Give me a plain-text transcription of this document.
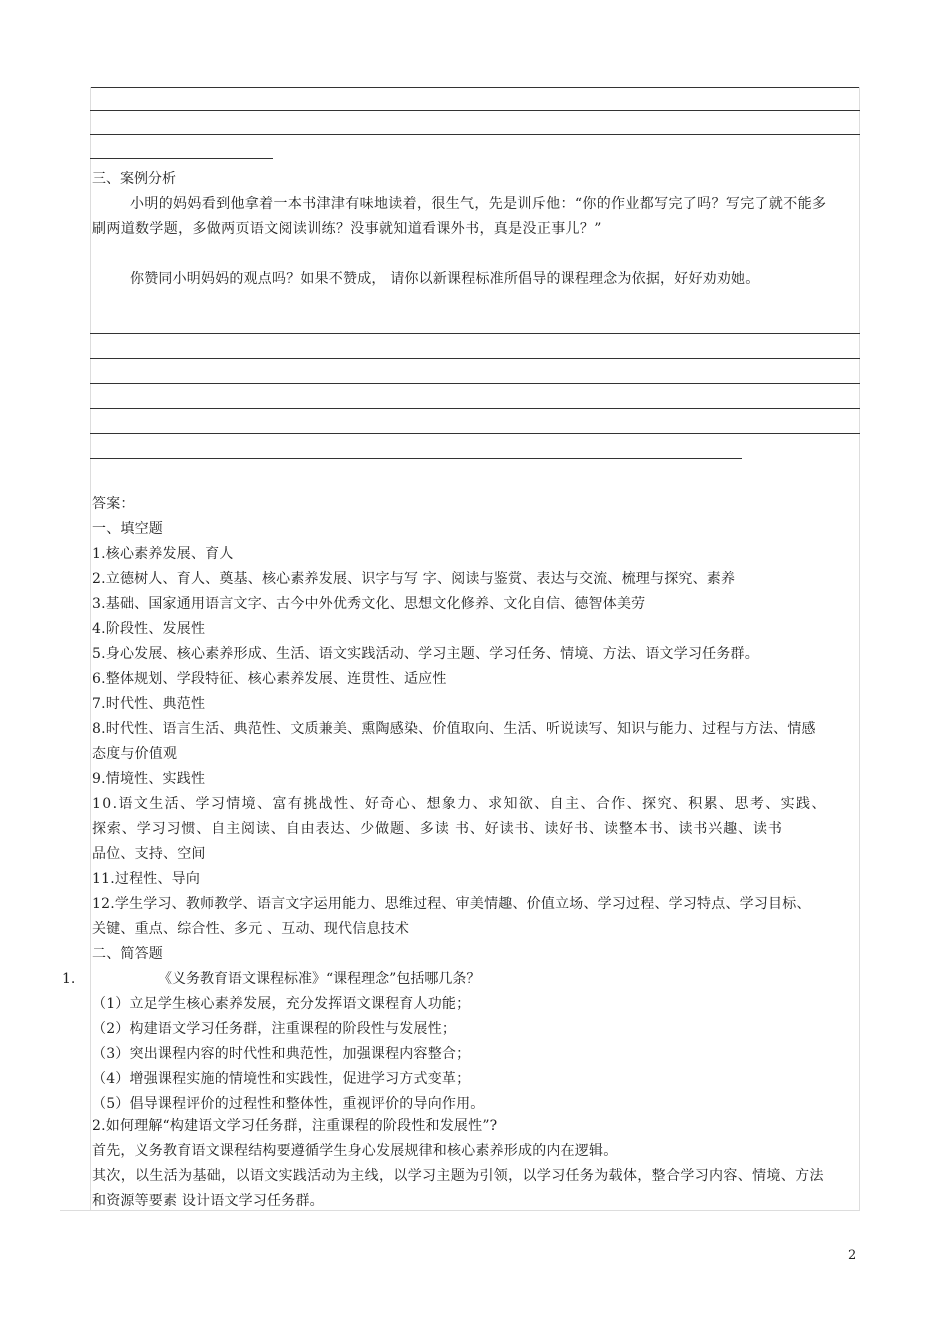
三、案例分析
小明的妈妈看到他拿着一本书津津有味地读着，很生气，先是训斥他：“你的作业都写完了吗？写完了就不能多
刷两道数学题，多做两页语文阅读训练？没事就知道看课外书，真是没正事儿？”
你赞同小明妈妈的观点吗？如果不赞成， 请你以新课程标准所倡导的课程理念为依据，好好劝劝她。
答案：
一、填空题
1.核心素养发展、育人
2.立德树人、育人、奠基、核心素养发展、识字与写 字、阅读与鉴赏、表达与交流、梳理与探究、素养
3.基础、国家通用语言文字、古今中外优秀文化、思想文化修养、文化自信、德智体美劳
4.阶段性、发展性
5.身心发展、核心素养形成、生活、语文实践活动、学习主题、学习任务、情境、方法、语文学习任务群。
6.整体规划、学段特征、核心素养发展、连贯性、适应性
7.时代性、典范性
8.时代性、语言生活、典范性、文质兼美、熏陶感染、价值取向、生活、听说读写、知识与能力、过程与方法、情感
态度与价值观
9.情境性、实践性
10.语文生活、学习情境、富有挑战性、好奇心、想象力、求知欲、自主、合作、探究、积累、思考、实践、
探索、学习习惯、自主阅读、自由表达、少做题、多读 书、好读书、读好书、读整本书、读书兴趣、读书
品位、支持、空间
11.过程性、导向
12.学生学习、教师教学、语言文字运用能力、思维过程、审美情趣、价值立场、学习过程、学习特点、学习目标、
关键、重点、综合性、多元 、互动、现代信息技术
二、简答题
1.	《义务教育语文课程标准》“课程理念”包括哪几条？
（1）立足学生核心素养发展，充分发挥语文课程育人功能；
（2）构建语文学习任务群，注重课程的阶段性与发展性；
（3）突出课程内容的时代性和典范性，加强课程内容整合；
（4）增强课程实施的情境性和实践性，促进学习方式变革；
（5）倡导课程评价的过程性和整体性，重视评价的导向作用。
2.如何理解“构建语文学习任务群，注重课程的阶段性和发展性”?
首先，义务教育语文课程结构要遵循学生身心发展规律和核心素养形成的内在逻辑。
其次，以生活为基础，以语文实践活动为主线，以学习主题为引领，以学习任务为载体，整合学习内容、情境、方法
和资源等要素 设计语文学习任务群。
2
